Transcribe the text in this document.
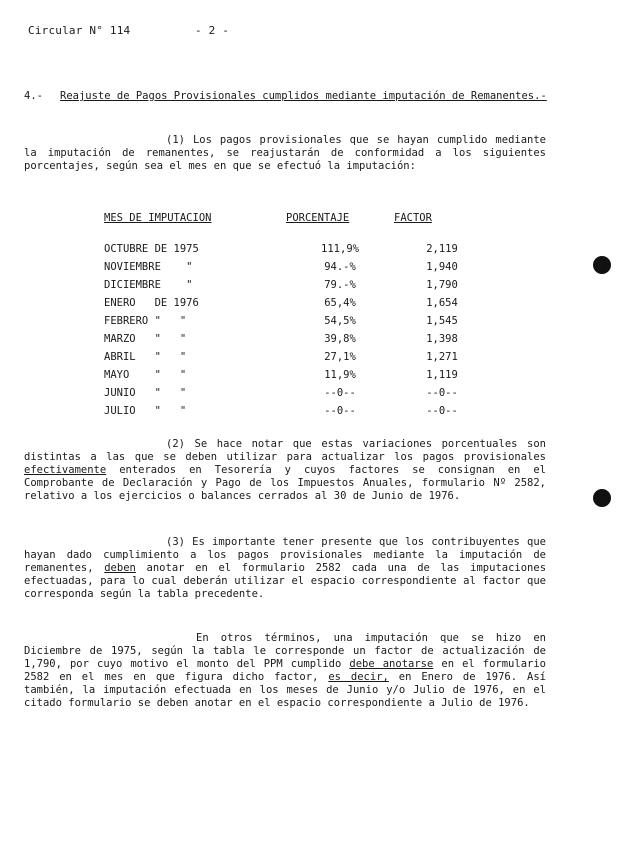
Circular N° 114	- 2 -
4.- Reajuste de Pagos Provisionales cumplidos mediante imputación de Remanentes.-
(1) Los pagos provisionales que se hayan cumplido mediante la imputación de remanentes, se reajustarán de conformidad a los siguientes porcentajes, según sea el mes en que se efectuó la imputación:
MES DE IMPUTACION	PORCENTAJE	FACTOR
OCTUBRE DE 1975	111,9%	2,119
NOVIEMBRE    "	94.-%	1,940
DICIEMBRE    "	79.-%	1,790
ENERO   DE 1976	65,4%	1,654
FEBRERO "   "	54,5%	1,545
MARZO   "   "	39,8%	1,398
ABRIL   "   "	27,1%	1,271
MAYO    "   "	11,9%	1,119
JUNIO   "   "	--0--	--0--
JULIO   "   "	--0--	--0--
(2) Se hace notar que estas variaciones porcentuales son distintas a las que se deben utilizar para actualizar los pagos provisionales efectivamente enterados en Tesorería y cuyos factores se consignan en el Comprobante de Declaración y Pago de los Impuestos Anuales, formulario Nº 2582, relativo a los ejercicios o balances cerrados al 30 de Junio de 1976.
(3) Es importante tener presente que los contribuyentes que hayan dado cumplimiento a los pagos provisionales mediante la imputación de remanentes, deben anotar en el formulario 2582 cada una de las imputaciones efectuadas, para lo cual deberán utilizar el espacio correspondiente al factor que corresponda según la tabla precedente.
En otros términos, una imputación que se hizo en Diciembre de 1975, según la tabla le corresponde un factor de actualización de 1,790, por cuyo motivo el monto del PPM cumplido debe anotarse en el formulario 2582 en el mes en que figura dicho factor, es decir, en Enero de 1976. Así también, la imputación efectuada en los meses de Junio y/o Julio de 1976, en el citado formulario se deben anotar en el espacio correspondiente a Julio de 1976.
